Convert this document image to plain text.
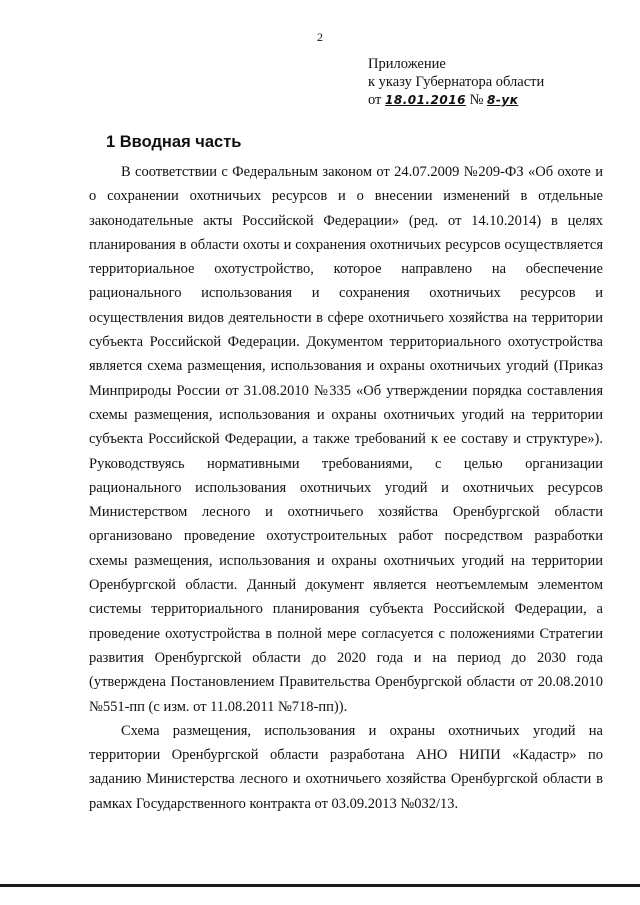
2
Приложение
к указу Губернатора области
от 18.01.2016 № 8-ук
1 Вводная часть

В соответствии с Федеральным законом от 24.07.2009 №209-ФЗ «Об охоте и о сохранении охотничьих ресурсов и о внесении изменений в отдельные законодательные акты Российской Федерации» (ред. от 14.10.2014) в целях планирования в области охоты и сохранения охотничьих ресурсов осуществляется территориальное охотустройство, которое направлено на обеспечение рационального использования и сохранения охотничьих ресурсов и осуществления видов деятельности в сфере охотничьего хозяйства на территории субъекта Российской Федерации. Документом территориального охотустройства является схема размещения, использования и охраны охотничьих угодий (Приказ Минприроды России от 31.08.2010 №335 «Об утверждении порядка составления схемы размещения, использования и охраны охотничьих угодий на территории субъекта Российской Федерации, а также требований к ее составу и структуре»). Руководствуясь нормативными требованиями, с целью организации рационального использования охотничьих угодий и охотничьих ресурсов Министерством лесного и охотничьего хозяйства Оренбургской области организовано проведение охотустроительных работ посредством разработки схемы размещения, использования и охраны охотничьих угодий на территории Оренбургской области. Данный документ является неотъемлемым элементом системы территориального планирования субъекта Российской Федерации, а проведение охотустройства в полной мере согласуется с положениями Стратегии развития Оренбургской области до 2020 года и на период до 2030 года (утверждена Постановлением Правительства Оренбургской области от 20.08.2010 №551-пп (с изм. от 11.08.2011 №718-пп)).

Схема размещения, использования и охраны охотничьих угодий на территории Оренбургской области разработана АНО НИПИ «Кадастр» по заданию Министерства лесного и охотничьего хозяйства Оренбургской области в рамках Государственного контракта от 03.09.2013 №032/13.
